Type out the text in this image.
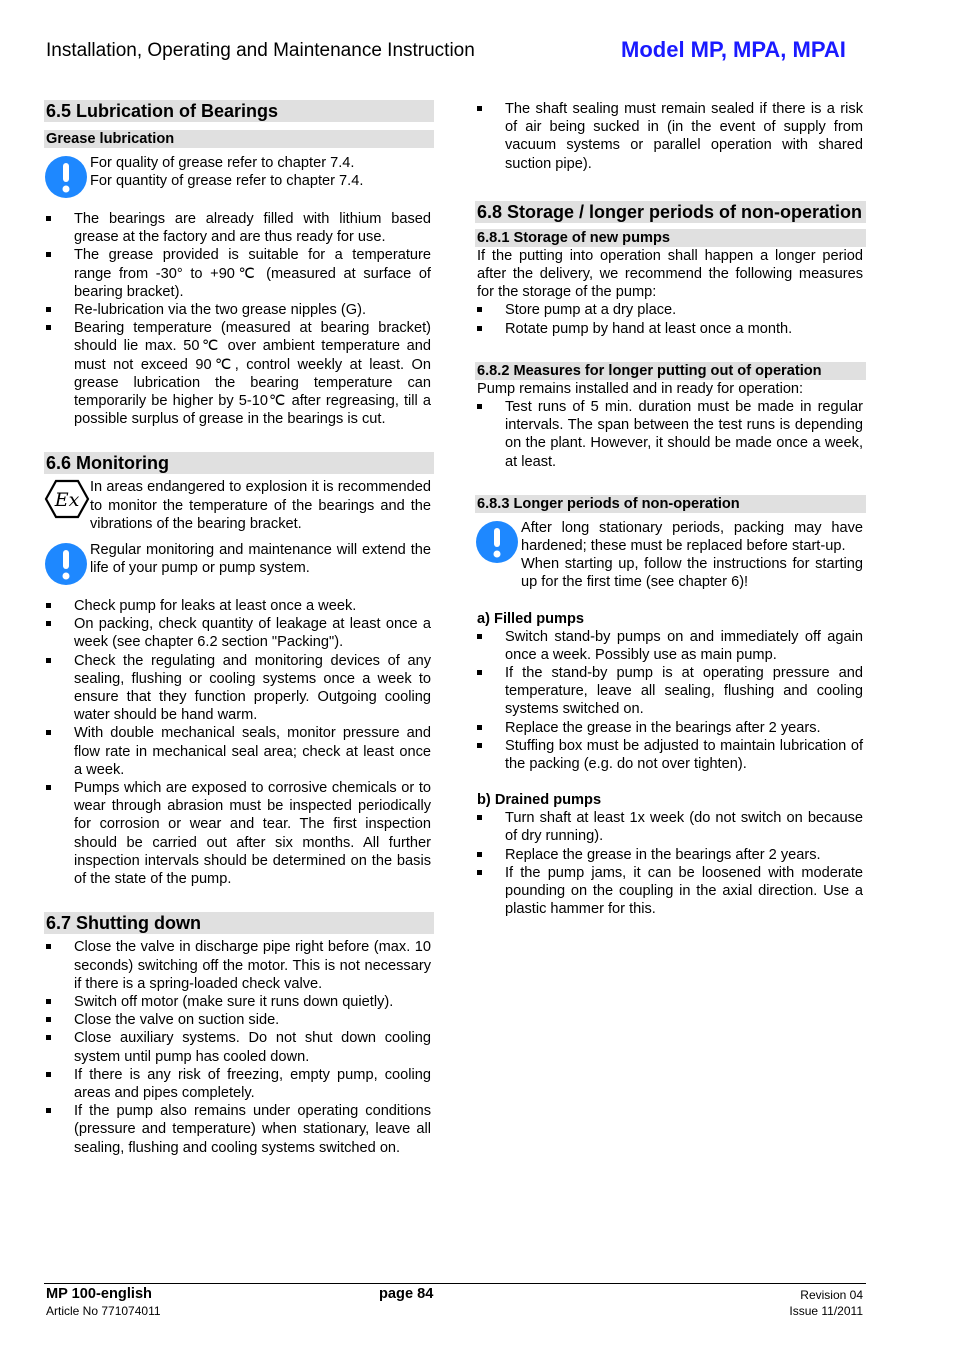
Installation, Operating and Maintenance Instruction	Model MP, MPA, MPAI
6.5 Lubrication of Bearings
Grease lubrication

For quality of grease refer to chapter 7.4.

For quantity of grease refer to chapter 7.4.

The bearings are already filled with lithium based grease at the factory and are thus ready for use.
The grease provided is suitable for a temperature range from -30° to +90℃ (measured at surface of bearing bracket).
Re-lubrication via the two grease nipples (G).
Bearing temperature (measured at bearing bracket) should lie max. 50℃ over ambient temperature and must not exceed 90℃, control weekly at least. On grease lubrication the bearing temperature can temporarily be higher by 5-10℃ after regreasing, till a possible surplus of grease in the bearings is cut.
6.6 Monitoring
Ex

In areas endangered to explosion it is recommended to monitor the temperature of the bearings and the vibrations of the bearing bracket.

Regular monitoring and maintenance will extend the life of your pump or pump system.

Check pump for leaks at least once a week.
On packing, check quantity of leakage at least once a week (see chapter 6.2 section "Packing").
Check the regulating and monitoring devices of any sealing, flushing or cooling systems once a week to ensure that they function properly. Outgoing cooling water should be hand warm.
With double mechanical seals, monitor pressure and flow rate in mechanical seal area; check at least once a week.
Pumps which are exposed to corrosive chemicals or to wear through abrasion must be inspected periodically for corrosion or wear and tear. The first inspection should be carried out after six months. All further inspection intervals should be determined on the basis of the state of the pump.
6.7 Shutting down
Close the valve in discharge pipe right before (max. 10 seconds) switching off the motor. This is not necessary if there is a spring-loaded check valve.
Switch off motor (make sure it runs down quietly).
Close the valve on suction side.
Close auxiliary systems. Do not shut down cooling system until pump has cooled down.
If there is any risk of freezing, empty pump, cooling areas and pipes completely.
If the pump also remains under operating conditions (pressure and temperature) when stationary, leave all sealing, flushing and cooling systems switched on.
The shaft sealing must remain sealed if there is a risk of air being sucked in (in the event of supply from vacuum systems or parallel operation with shared suction pipe).
6.8 Storage / longer periods of non-operation
6.8.1 Storage of new pumps

If the putting into operation shall happen a longer period after the delivery, we recommend the following measures for the storage of the pump:

Store pump at a dry place.
Rotate pump by hand at least once a month.
6.8.2 Measures for longer putting out of operation

Pump remains installed and in ready for operation:

Test runs of 5 min. duration must be made in regular intervals. The span between the test runs is depending on the plant. However, it should be made once a week, at least.
6.8.3 Longer periods of non-operation

After long stationary periods, packing may have hardened; these must be replaced before start-up.

When starting up, follow the instructions for starting up for the first time (see chapter 6)!

a) Filled pumps
Switch stand-by pumps on and immediately off again once a week. Possibly use as main pump.
If the stand-by pump is at operating pressure and temperature, leave all sealing, flushing and cooling systems switched on.
Replace the grease in the bearings after 2 years.
Stuffing box must be adjusted to maintain lubrication of the packing (e.g. do not over tighten).
b) Drained pumps
Turn shaft at least 1x week (do not switch on because of dry running).
Replace the grease in the bearings after 2 years.
If the pump jams, it can be loosened with moderate pounding on the coupling in the axial direction. Use a plastic hammer for this.
MP 100-english
Article No 771074011
page 84	Revision 04
Issue 11/2011
